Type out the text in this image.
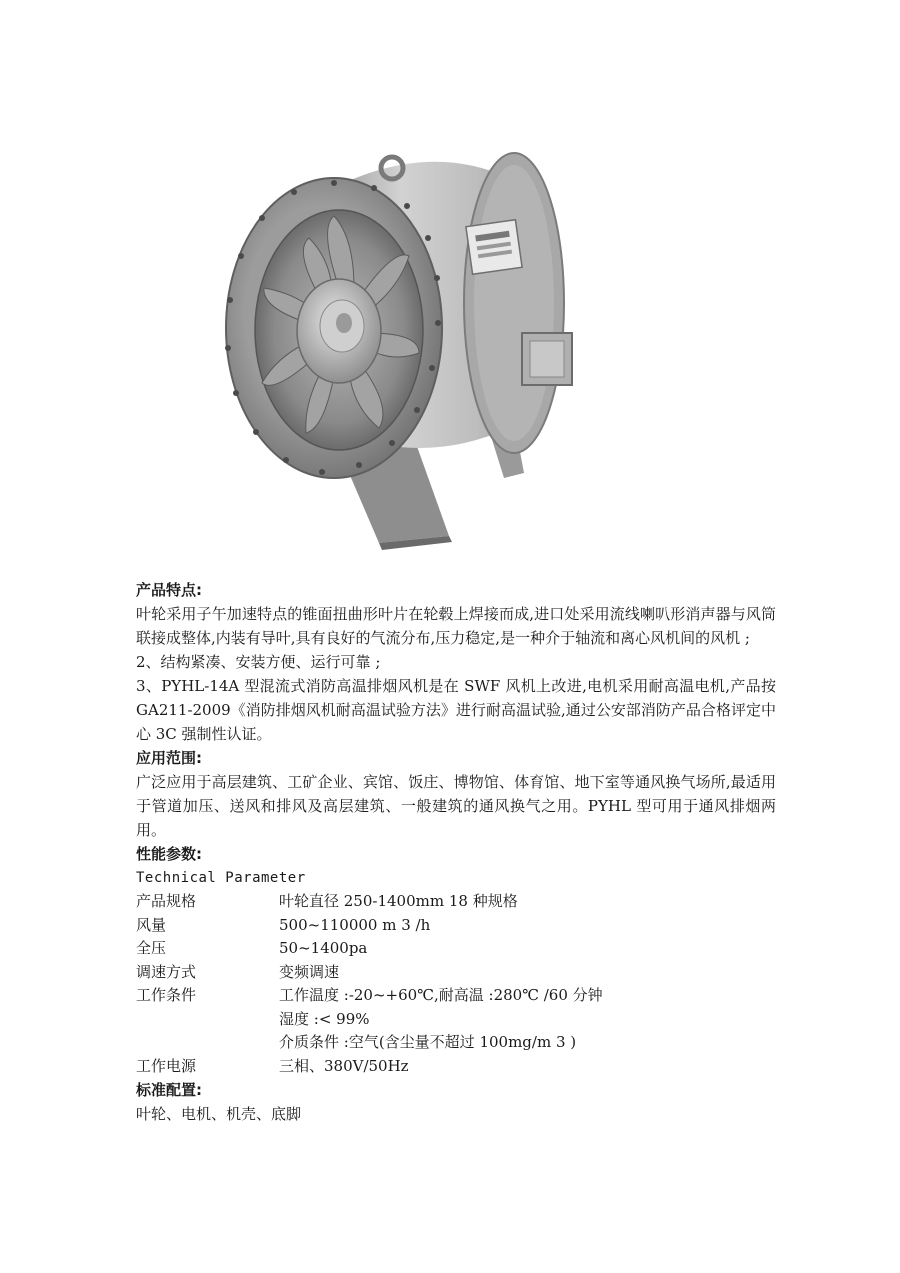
产品特点:

叶轮采用子午加速特点的锥面扭曲形叶片在轮毂上焊接而成,进口处采用流线喇叭形消声器与风筒联接成整体,内装有导叶,具有良好的气流分布,压力稳定,是一种介于轴流和离心风机间的风机 ;

2、结构紧凑、安装方便、运行可靠 ;

3、PYHL-14A 型混流式消防高温排烟风机是在 SWF 风机上改进,电机采用耐高温电机,产品按 GA211-2009《消防排烟风机耐高温试验方法》进行耐高温试验,通过公安部消防产品合格评定中心 3C 强制性认证。

应用范围:

广泛应用于高层建筑、工矿企业、宾馆、饭庄、博物馆、体育馆、地下室等通风换气场所,最适用于管道加压、送风和排风及高层建筑、一般建筑的通风换气之用。PYHL 型可用于通风排烟两用。

性能参数:

Technical Parameter
产品规格	叶轮直径 250-1400mm 18 种规格
风量	500~110000 m 3 /h
全压	50~1400pa
调速方式	变频调速
工作条件	工作温度 :-20~+60℃,耐高温 :280℃ /60 分钟
	湿度 :< 99%
	介质条件 :空气(含尘量不超过 100mg/m 3 )
工作电源	三相、380V/50Hz

标准配置:

叶轮、电机、机壳、底脚
